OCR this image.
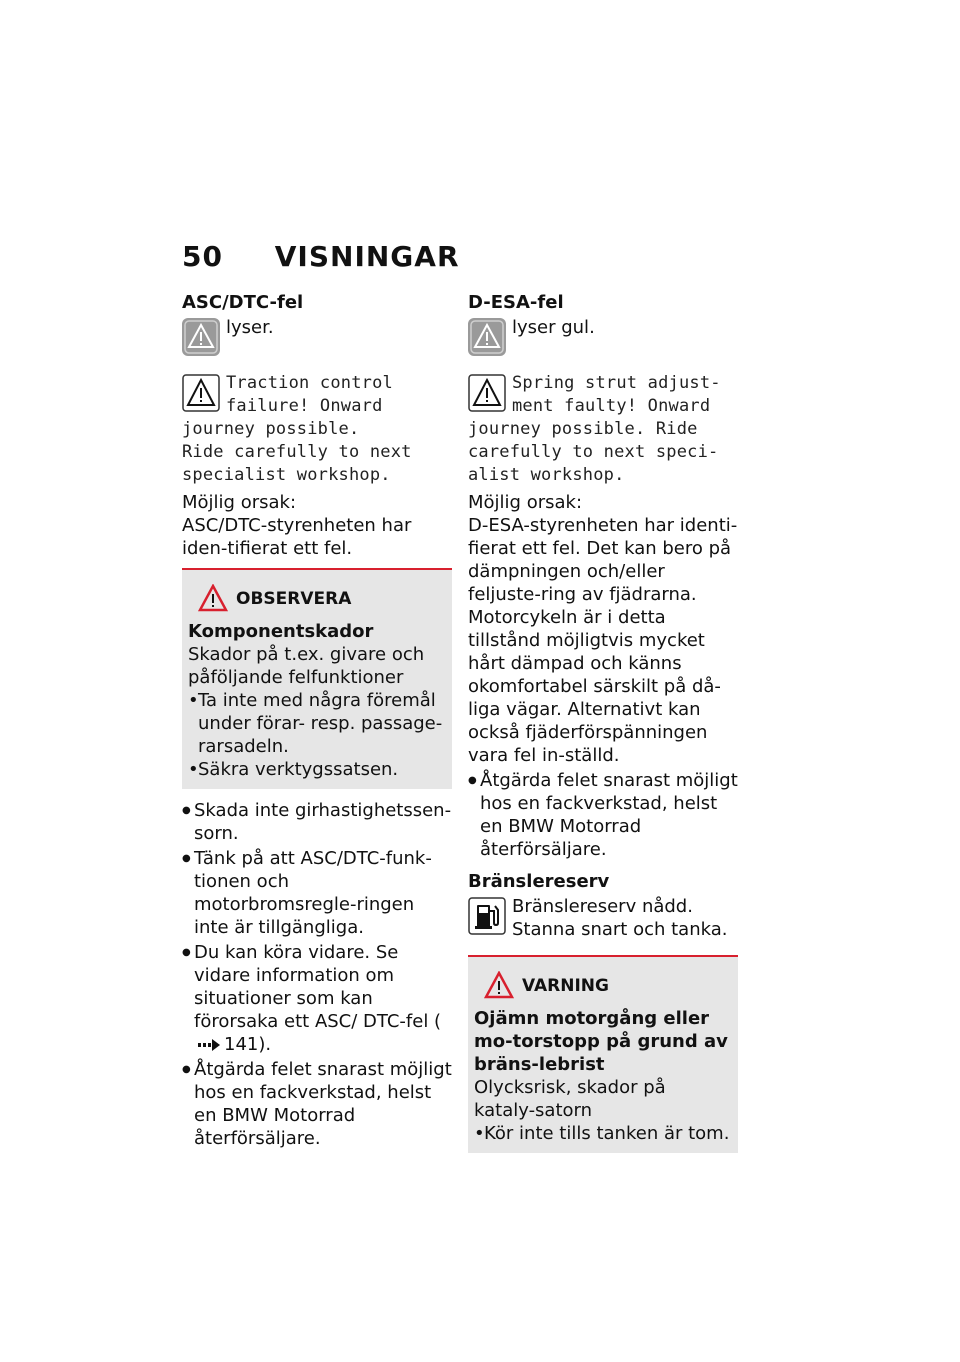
50 VISNINGAR
ASC/DTC-fel
lyser.
Traction control
failure! Onward
journey possible.
Ride carefully to next
specialist workshop.

Möjlig orsak:

ASC/DTC-styrenheten har iden-tifierat ett fel.

OBSERVERA
Komponentskador
Skador på t.ex. givare och påföljande felfunktioner
• Ta inte med några föremål under förar- resp. passage-rarsadeln.
• Säkra verktygssatsen.
● Skada inte girhastighetssen-sorn.
● Tänk på att ASC/DTC-funk-tionen och motorbromsregle-ringen inte är tillgängliga.
● Du kan köra vidare. Se vidare information om situationer som kan förorsaka ett ASC/ DTC-fel (141).
● Åtgärda felet snarast möjligt hos en fackverkstad, helst en BMW Motorrad återförsäljare.
D-ESA-fel
lyser gul.
Spring strut adjust-
ment faulty! Onward
journey possible. Ride
carefully to next speci-
alist workshop.

Möjlig orsak:

D-ESA-styrenheten har identi-fierat ett fel. Det kan bero på dämpningen och/eller feljuste-ring av fjädrarna. Motorcykeln är i detta tillstånd möjligtvis mycket hårt dämpad och känns okomfortabel särskilt på då-liga vägar. Alternativt kan också fjäderförspänningen vara fel in-ställd.

● Åtgärda felet snarast möjligt hos en fackverkstad, helst en BMW Motorrad återförsäljare.
Bränslereserv
Bränslereserv nådd.
Stanna snart och tanka.
VARNING
Ojämn motorgång eller mo-torstopp på grund av bräns-lebrist
Olycksrisk, skador på kataly-satorn
• Kör inte tills tanken är tom.
